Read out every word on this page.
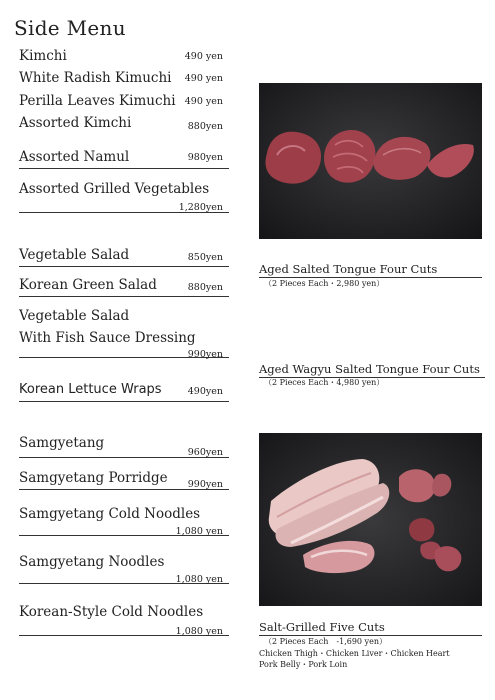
Side Menu
Kimchi	490 yen
White Radish Kimuchi 490 yen
Perilla Leaves Kimuchi 490 yen
Assorted Kimchi	880yen
Assorted Namul	980yen
Assorted Grilled Vegetables
1,280yen
Vegetable Salad	850yen
Korean Green Salad	880yen
Vegetable Salad
With Fish Sauce Dressing
990yen
Korean Lettuce Wraps	490yen
Samgyetang
960yen
Samgyetang Porridge 990yen
Samgyetang Cold Noodles
1,080 yen
Samgyetang Noodles
1,080 yen
Korean-Style Cold Noodles
1,080 yen
Aged Salted Tongue Four Cuts
（2 Pieces Each・2,980 yen）
Aged Wagyu Salted Tongue Four Cuts
（2 Pieces Each・4,980 yen）
Salt-Grilled Five Cuts
（2 Pieces Each　-1,690 yen）
Chicken Thigh・Chicken Liver・Chicken Heart
Pork Belly・Pork Loin
